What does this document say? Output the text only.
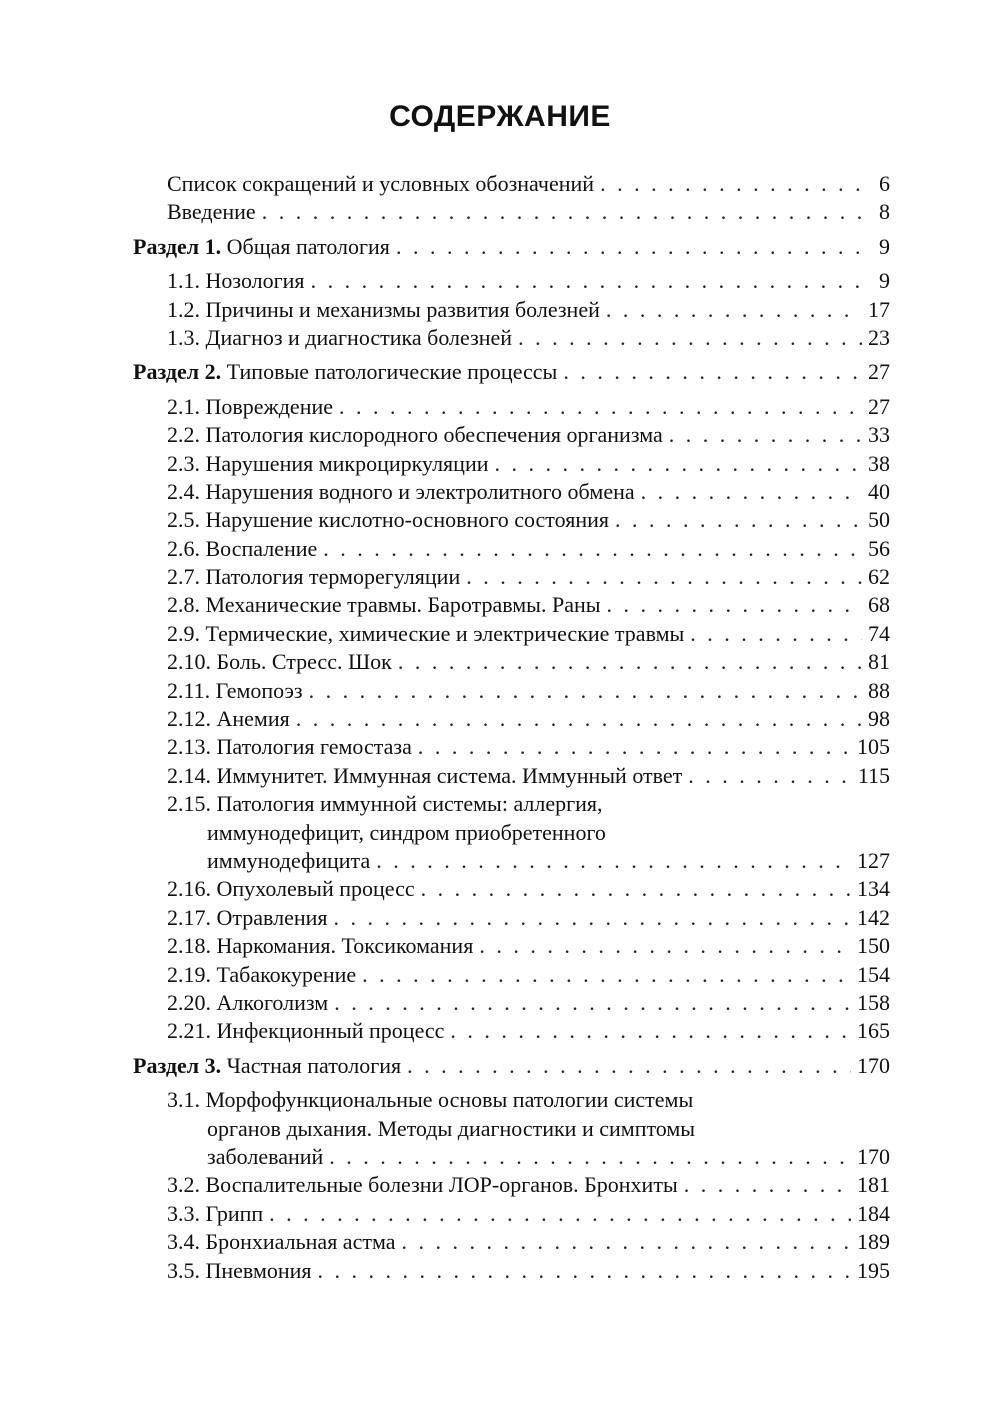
СОДЕРЖАНИЕ
Список сокращений и условных обозначений . . .	6
Введение . . .	8
Раздел 1. Общая патология . . .	9
1.1. Нозология . . .	9
1.2. Причины и механизмы развития болезней . . .	17
1.3. Диагноз и диагностика болезней . . .	23
Раздел 2. Типовые патологические процессы . . .	27
2.1. Повреждение . . .	27
2.2. Патология кислородного обеспечения организма . . .	33
2.3. Нарушения микроциркуляции . . .	38
2.4. Нарушения водного и электролитного обмена . . .	40
2.5. Нарушение кислотно-основного состояния . . .	50
2.6. Воспаление . . .	56
2.7. Патология терморегуляции . . .	62
2.8. Механические травмы. Баротравмы. Раны . . .	68
2.9. Термические, химические и электрические травмы . . .	74
2.10. Боль. Стресс. Шок . . .	81
2.11. Гемопоэз . . .	88
2.12. Анемия . . .	98
2.13. Патология гемостаза . . .	105
2.14. Иммунитет. Иммунная система. Иммунный ответ . . .	115
2.15. Патология иммунной системы: аллергия,
иммунодефицит, синдром приобретенного
иммунодефицита . . .	127
2.16. Опухолевый процесс . . .	134
2.17. Отравления . . .	142
2.18. Наркомания. Токсикомания . . .	150
2.19. Табакокурение . . .	154
2.20. Алкоголизм . . .	158
2.21. Инфекционный процесс . . .	165
Раздел 3. Частная патология . . .	170
3.1. Морфофункциональные основы патологии системы
органов дыхания. Методы диагностики и симптомы
заболеваний . . .	170
3.2. Воспалительные болезни ЛОР-органов. Бронхиты . . .	181
3.3. Грипп . . .	184
3.4. Бронхиальная астма . . .	189
3.5. Пневмония . . .	195
